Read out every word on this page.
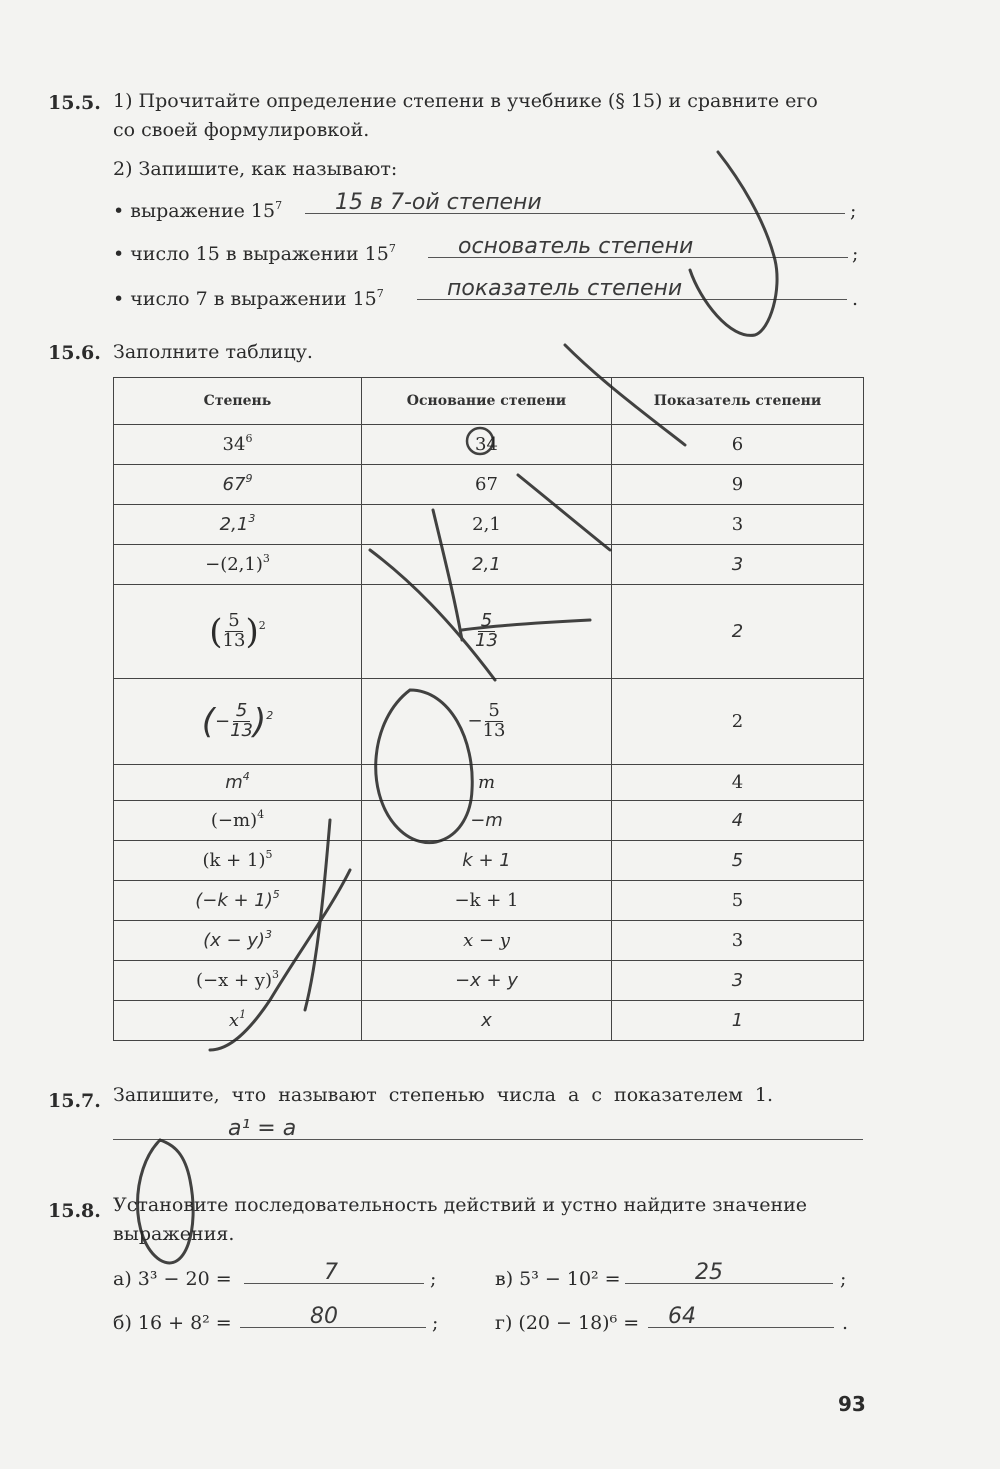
15.5. 1) Прочитайте определение степени в учебнике (§ 15) и сравните его
со своей формулировкой.
2) Запишите, как называют:
• выражение $15^7$	15 в 7-ой степени	;
• число 15 в выражении $15^7$	основатель степени	;
• число 7 в выражении $15^7$	показатель степени	.
15.6. Заполните таблицу.
Степень	Основание степени	Показатель степени
$34^6$	34	6
$67^9$	67	9
$2,1^3$	2,1	3
$-(2,1)^3$	2,1	3
( $\frac{5}{13} )^2$	$\frac{5}{13}$	2
(− $\frac{5}{13} )^2$	− $\frac{5}{13}$	2
$m^4$	m	4
$(-m)^4$	−m	4
$(k + 1)^5$	k + 1	5
$(-k + 1)^5$	−k + 1	5
$(x - y)^3$	x − y	3
$(-x + y)^3$	−x + y	3
$x^1$	x	1
15.7. Запишите, что называют степенью числа a с показателем 1.
a¹ = a
15.8. Установите последовательность действий и устно найдите значение
выражения.
а) 3³ − 20 =	7	;	в) 5³ − 10² =	25	;
б) 16 + 8² =	80	;	г) (20 − 18)⁶ =	64	.
93
